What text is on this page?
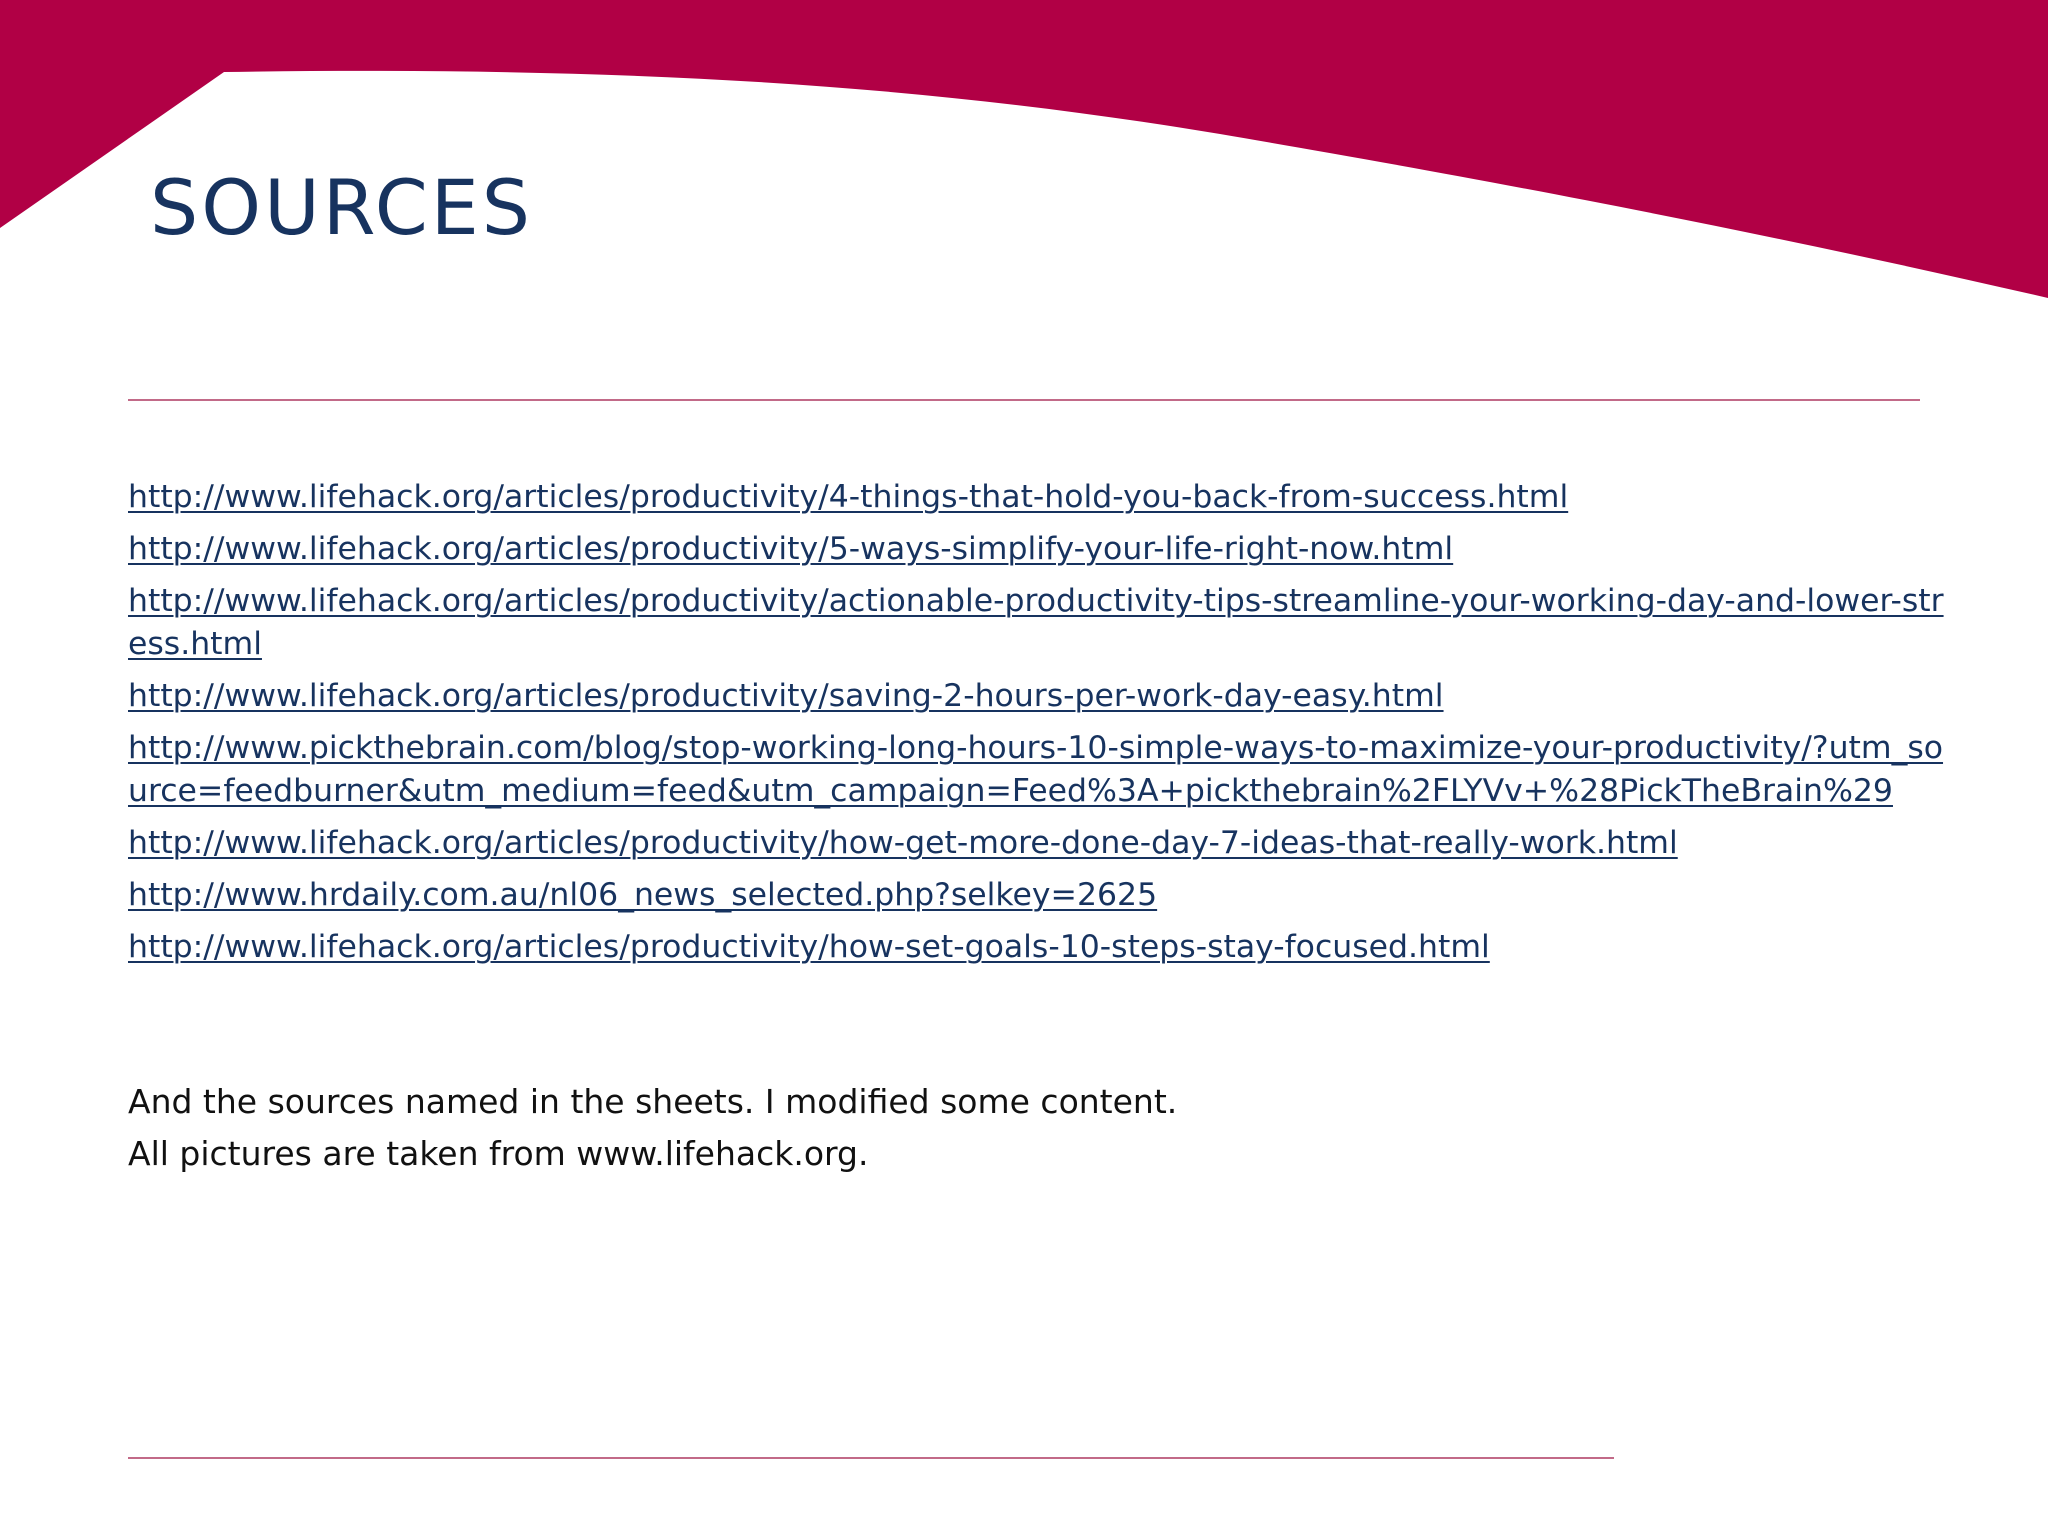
SOURCES
http://www.lifehack.org/articles/productivity/4-things-that-hold-you-back-from-success.html
http://www.lifehack.org/articles/productivity/5-ways-simplify-your-life-right-now.html
http://www.lifehack.org/articles/productivity/actionable-productivity-tips-streamline-your-working-day-and-lower-stress.html
http://www.lifehack.org/articles/productivity/saving-2-hours-per-work-day-easy.html
http://www.pickthebrain.com/blog/stop-working-long-hours-10-simple-ways-to-maximize-your-productivity/?utm_source=feedburner&utm_medium=feed&utm_campaign=Feed%3A+pickthebrain%2FLYVv+%28PickTheBrain%29
http://www.lifehack.org/articles/productivity/how-get-more-done-day-7-ideas-that-really-work.html
http://www.hrdaily.com.au/nl06_news_selected.php?selkey=2625
http://www.lifehack.org/articles/productivity/how-set-goals-10-steps-stay-focused.html

And the sources named in the sheets. I modified some content.

All pictures are taken from www.lifehack.org.
